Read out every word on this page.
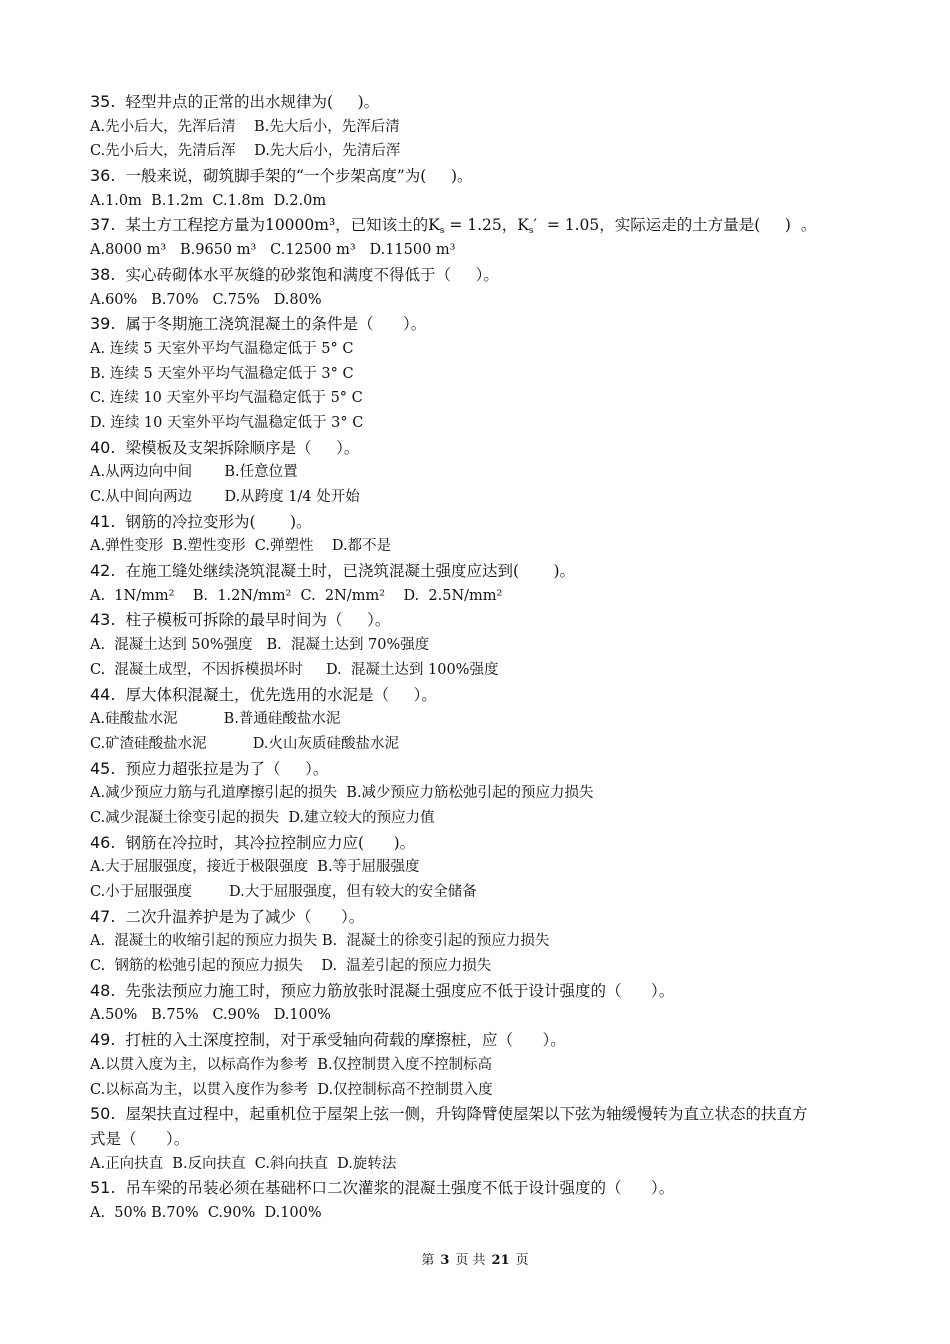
35. 轻型井点的正常的出水规律为(     )。
A.先小后大，先浑后清    B.先大后小，先浑后清
C.先小后大，先清后浑    D.先大后小，先清后浑
36. 一般来说，砌筑脚手架的“一个步架高度”为(     )。
A.1.0m  B.1.2m  C.1.8m  D.2.0m
37. 某土方工程挖方量为10000m³，已知该土的$K_s = 1.25$，$K_s' = 1.05$，实际运走的土方量是(     )  。
A.8000 m³   B.9650 m³   C.12500 m³   D.11500 m³
38. 实心砖砌体水平灰缝的砂浆饱和满度不得低于（     ）。
A.60%   B.70%   C.75%   D.80%
39. 属于冬期施工浇筑混凝土的条件是（      ）。
A. 连续 5 天室外平均气温稳定低于 5° C
B. 连续 5 天室外平均气温稳定低于 3° C
C. 连续 10 天室外平均气温稳定低于 5° C
D. 连续 10 天室外平均气温稳定低于 3° C
40. 梁模板及支架拆除顺序是（     ）。
A.从两边向中间       B.任意位置
C.从中间向两边       D.从跨度 1/4 处开始
41. 钢筋的冷拉变形为(       )。
A.弹性变形  B.塑性变形  C.弹塑性    D.都不是
42. 在施工缝处继续浇筑混凝土时，已浇筑混凝土强度应达到(       )。
A.  1N/mm²    B.  1.2N/mm²  C.  2N/mm²    D.  2.5N/mm²
43. 柱子模板可拆除的最早时间为（     ）。
A.  混凝土达到 50%强度   B.  混凝土达到 70%强度
C.  混凝土成型，不因拆模损坏时     D.  混凝土达到 100%强度
44. 厚大体积混凝土，优先选用的水泥是（     ）。
A.硅酸盐水泥          B.普通硅酸盐水泥
C.矿渣硅酸盐水泥          D.火山灰质硅酸盐水泥
45. 预应力超张拉是为了（     ）。
A.减少预应力筋与孔道摩擦引起的损失  B.减少预应力筋松弛引起的预应力损失
C.减少混凝土徐变引起的损失  D.建立较大的预应力值
46. 钢筋在冷拉时，其冷拉控制应力应(      )。
A.大于屈服强度，接近于极限强度  B.等于屈服强度
C.小于屈服强度        D.大于屈服强度，但有较大的安全储备
47. 二次升温养护是为了减少（      ）。
A.  混凝土的收缩引起的预应力损失 B.  混凝土的徐变引起的预应力损失
C.  钢筋的松弛引起的预应力损失    D.  温差引起的预应力损失
48. 先张法预应力施工时，预应力筋放张时混凝土强度应不低于设计强度的（      ）。
A.50%   B.75%   C.90%   D.100%
49. 打桩的入土深度控制，对于承受轴向荷载的摩擦桩，应（      ）。
A.以贯入度为主，以标高作为参考  B.仅控制贯入度不控制标高
C.以标高为主，以贯入度作为参考  D.仅控制标高不控制贯入度
50. 屋架扶直过程中，起重机位于屋架上弦一侧，升钩降臂使屋架以下弦为轴缓慢转为直立状态的扶直方
式是（      ）。
A.正向扶直  B.反向扶直  C.斜向扶直  D.旋转法
51. 吊车梁的吊装必须在基础杯口二次灌浆的混凝土强度不低于设计强度的（      ）。
A.  50% B.70%  C.90%  D.100%
第 3 页 共 21 页
